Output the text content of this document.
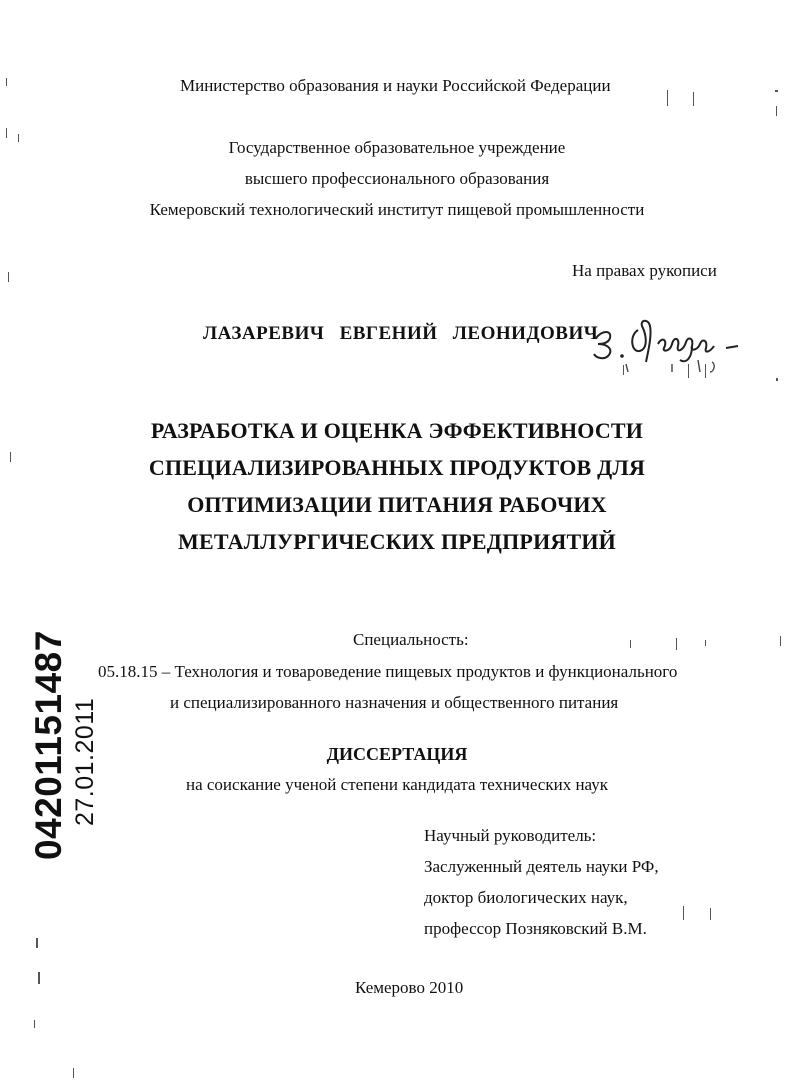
Министерство образования и науки Российской Федерации
Государственное образовательное учреждение
высшего профессионального образования
Кемеровский технологический институт пищевой промышленности
На правах рукописи
ЛАЗАРЕВИЧ ЕВГЕНИЙ ЛЕОНИДОВИЧ
РАЗРАБОТКА И ОЦЕНКА ЭФФЕКТИВНОСТИ
СПЕЦИАЛИЗИРОВАННЫХ ПРОДУКТОВ ДЛЯ
ОПТИМИЗАЦИИ ПИТАНИЯ РАБОЧИХ
МЕТАЛЛУРГИЧЕСКИХ ПРЕДПРИЯТИЙ
Специальность:
05.18.15 – Технология и товароведение пищевых продуктов и функционального
и специализированного назначения и общественного питания
ДИССЕРТАЦИЯ
на соискание ученой степени кандидата технических наук
Научный руководитель:
Заслуженный деятель науки РФ,
доктор биологических наук,
профессор Позняковский В.М.
Кемерово 2010
04201151487 27.01.2011
